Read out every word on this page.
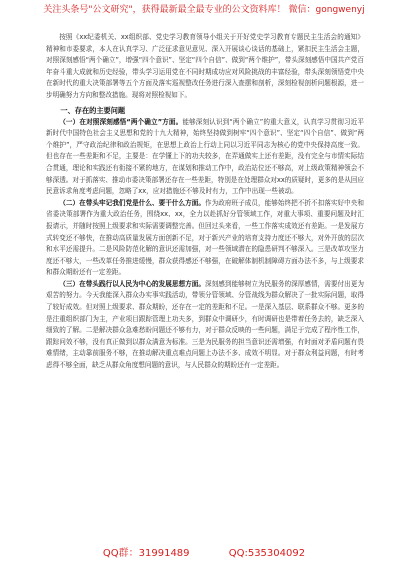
关注头条号"公文研究"，获得最新最全最专业的公文资料库！ 微信：gongwenyj

按照《xx纪委机关、xx组织部、党史学习教育领导小组关于开好党史学习教育专题民主生活会的通知》精神和市委要求，本人在认真学习、广泛征求意见意见、深入开展谈心谈话的基础上，紧扣民主生活会主题，对照深刻感悟“两个确立”，增强“四个意识”、坚定“四个自信”、做到“两个维护”，带头深刻感悟中国共产党百年奋斗重大成就和历史经验，带头学习运用党在不同时期成功应对风险挑战的丰富经验，带头深刻领悟党中央在新时代的重大决策部署等五个方面及落实巡视整改任务进行深入查摆和剖析，深刻检视剖析问题根源，进一步明确努力方向和整改措施。现将对照检视如下。

一、存在的主要问题

（一）在对照深刻感悟“两个确立”方面。能够深刻认识到“两个确立”的重大意义，认真学习贯彻习近平新时代中国特色社会主义思想和党的十九大精神，始终坚持做到树牢“四个意识”、坚定“四个自信”、做到“两个维护”，严守政治纪律和政治规矩，在思想上政治上行动上同以习近平同志为核心的党中央保持高度一致。但也存在一些差距和不足，主要是：在学懂上下的功夫较多，在弄通做实上还有差距，没有完全与市情实际结合贯通，理论和实践还有衔接不紧的地方，在谋划和推动工作中，政治站位还不够高，对上级政策精神领会不够深透。对于抓落实、推动市委决策部署还存在一些差距，特别是在处理群众对xx的质疑时，更多的是从回应民意诉求角度考虑问题，忽略了xx，应对措施还不够及时有力，工作中出现一些被动。

（二）在带头牢记我们党是什么、要干什么方面。作为政府班子成员，能够始终把不折不扣落实好中央和省委决策部署作为重大政治任务，围绕xx、xx，全力以赴抓好分管领域工作，对重大事项、重要问题及时汇报请示，并随时按照上级要求和实际需要调整完善。但回过头来看，一些工作落实成效还有差距。一是发展方式转变还不够快，在推动高质量发展方面创新不足，对于新兴产业的培育支持力度还不够大，对外开放的层次和水平还需提升。二是风险防范化解的意识还需加强，对一些领域潜在的隐患研判不够深入。三是改革攻坚力度还不够大，一些改革任务推进缓慢，群众获得感还不够强，在破解体制机制障碍方面办法不多，与上级要求和群众期盼还有一定差距。

（三）在带头践行以人民为中心的发展思想方面。深刻感到能够树立为民服务的深厚感情，需要付出更为艰苦的努力。今天我能深入群众办实事实践活动，带领分管领域、分管战线为群众解决了一批实际问题，取得了较好成效。但对照上级要求、群众期盼，还存在一定的差距和不足。一是深入基层、联系群众不够。更多的是注重组织部门为主，产业项目跟踪管理上功夫多，到群众中调研少，有时调研也是带着任务去的，缺乏深入细致的了解。二是解决群众急难愁盼问题还不够有力，对于群众反映的一些问题，满足于完成了程序性工作，跟踪问效不够，没有真正做到以群众满意为标准。三是为民服务的担当意识还需增强，有时面对矛盾问题有畏难情绪，主动靠前服务不够，在推动解决重点难点问题上办法不多、成效不明显。对于群众利益问题，有时考虑得不够全面，缺乏从群众角度想问题的意识，与人民群众的期盼还有一定差距。

QQ群：31991489	QQ:535304092
